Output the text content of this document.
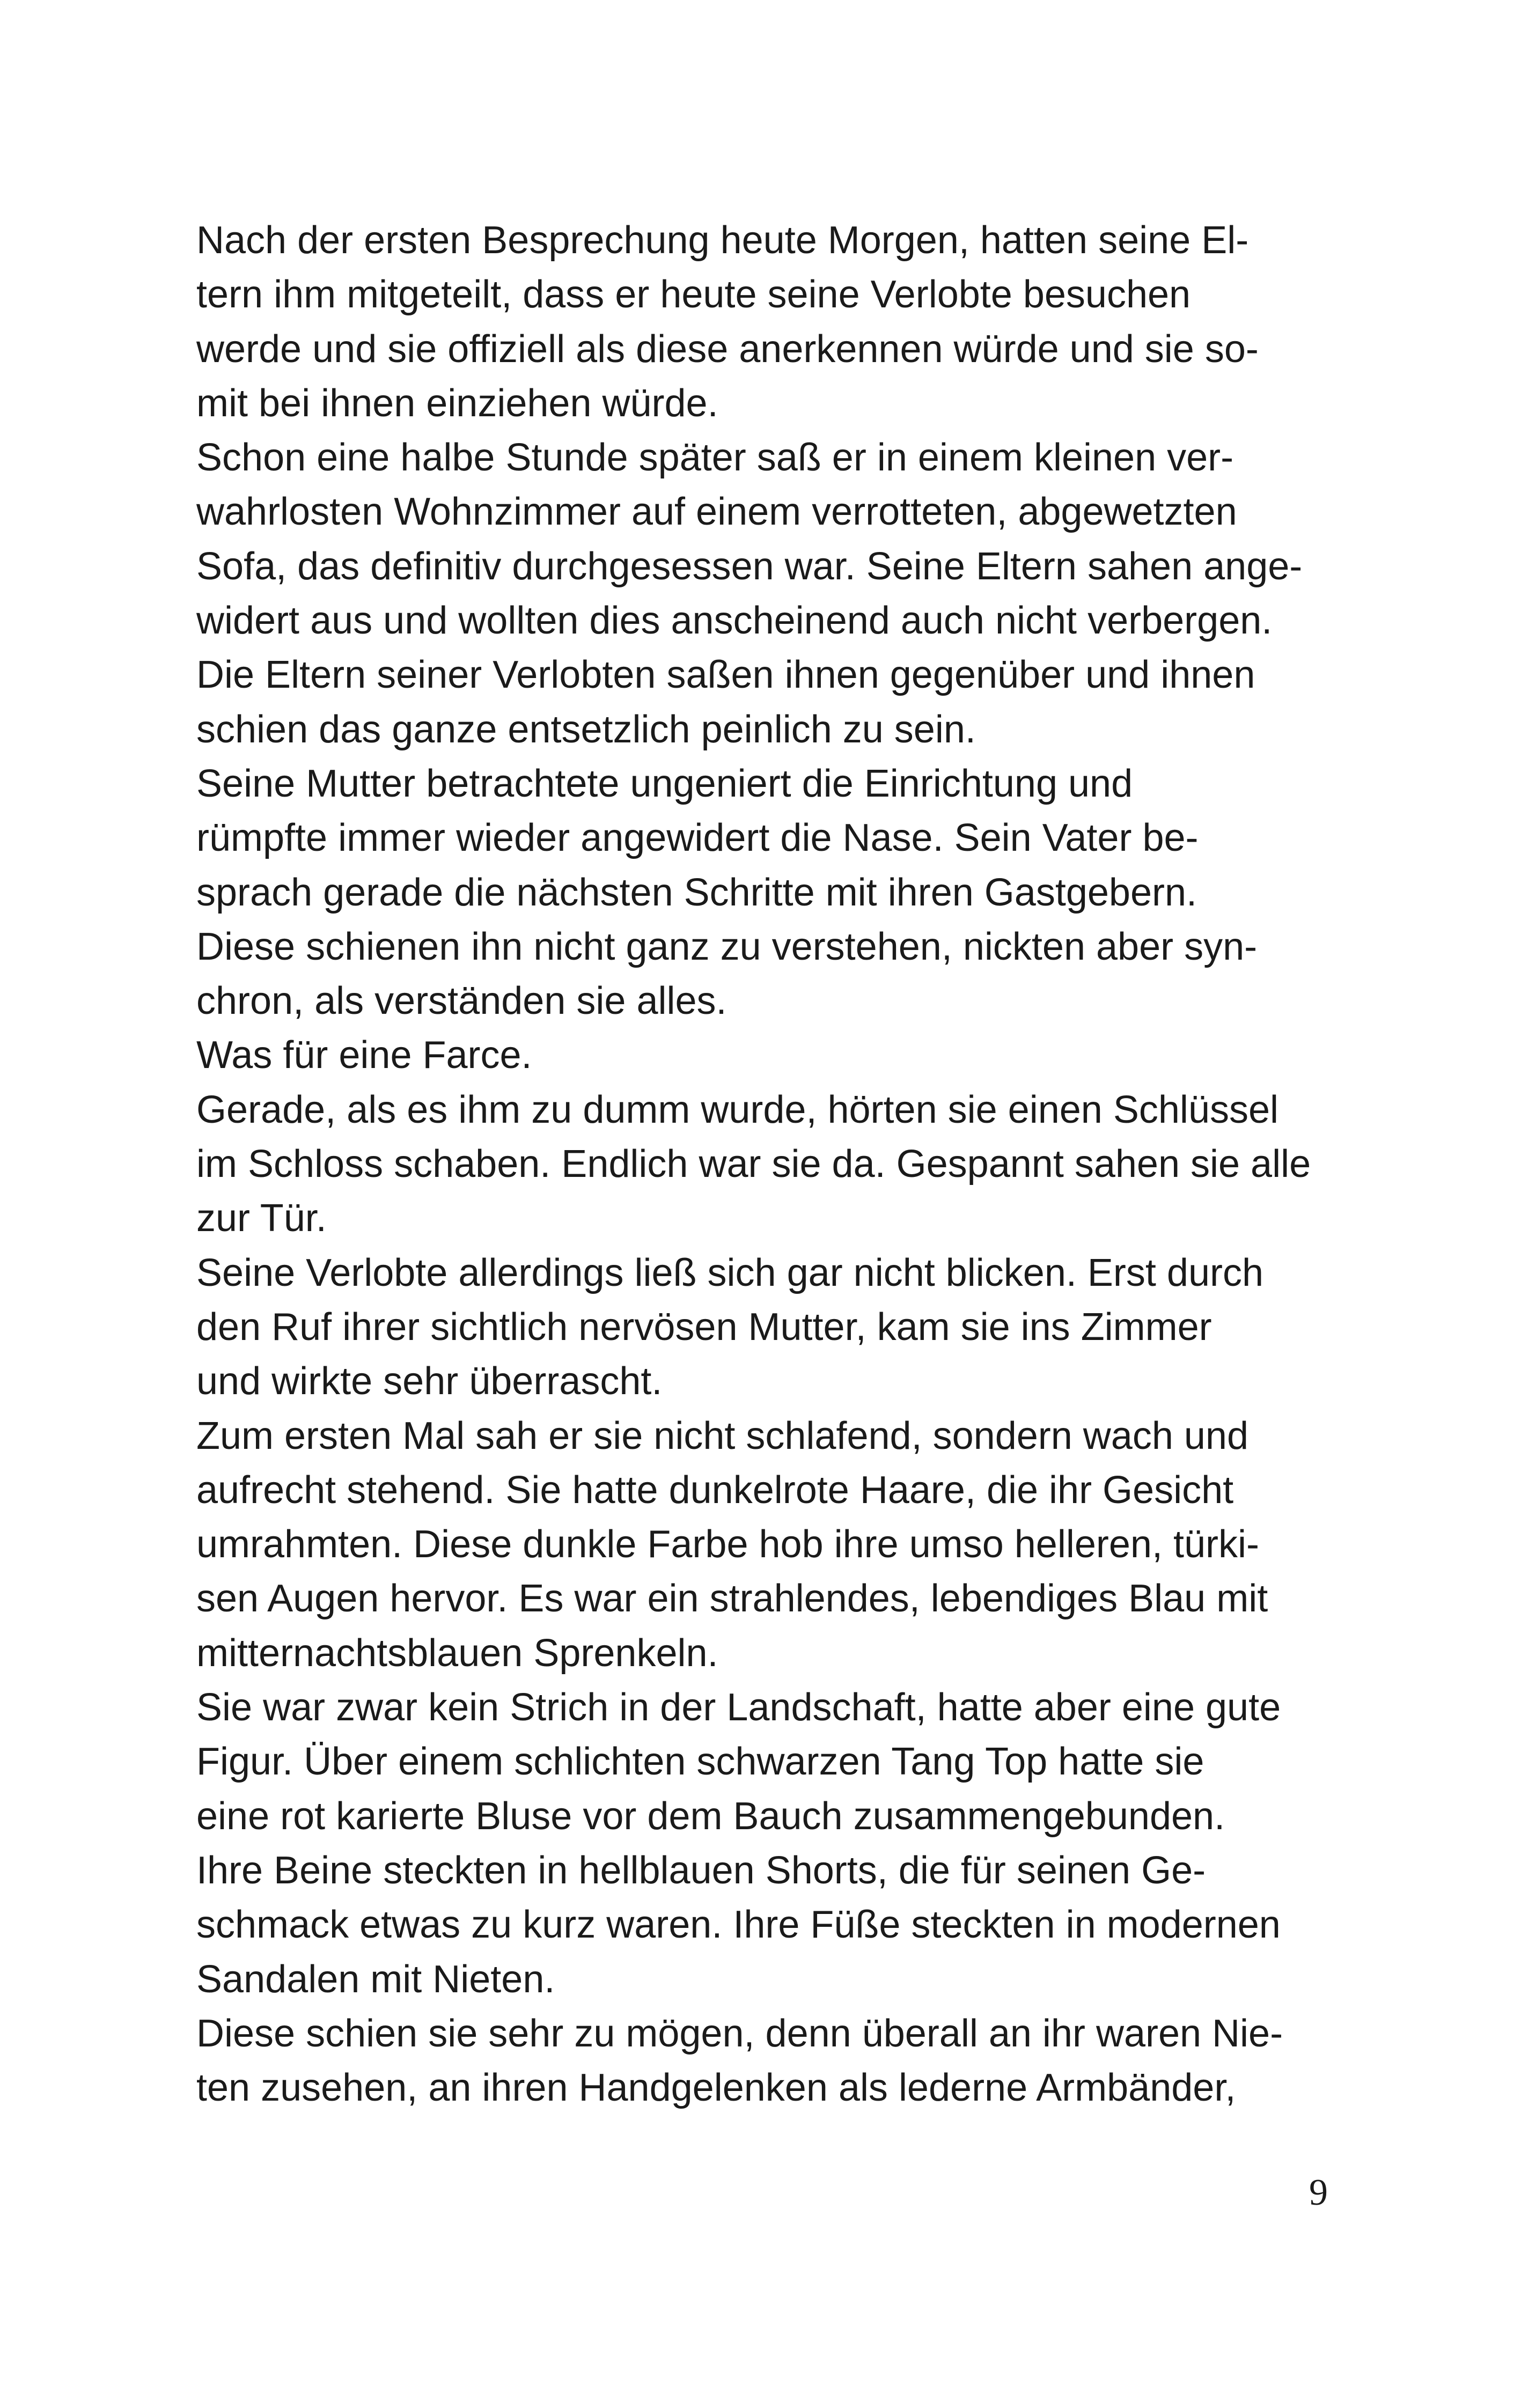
Nach der ersten Besprechung heute Morgen, hatten seine El-
tern ihm mitgeteilt, dass er heute seine Verlobte besuchen
werde und sie offiziell als diese anerkennen würde und sie so-
mit bei ihnen einziehen würde.
Schon eine halbe Stunde später saß er in einem kleinen ver-
wahrlosten Wohnzimmer auf einem verrotteten, abgewetzten
Sofa, das definitiv durchgesessen war. Seine Eltern sahen ange-
widert aus und wollten dies anscheinend auch nicht verbergen.
Die Eltern seiner Verlobten saßen ihnen gegenüber und ihnen
schien das ganze entsetzlich peinlich zu sein.
Seine Mutter betrachtete ungeniert die Einrichtung und
rümpfte immer wieder angewidert die Nase. Sein Vater be-
sprach gerade die nächsten Schritte mit ihren Gastgebern.
Diese schienen ihn nicht ganz zu verstehen, nickten aber syn-
chron, als verständen sie alles.
Was für eine Farce.
Gerade, als es ihm zu dumm wurde, hörten sie einen Schlüssel
im Schloss schaben. Endlich war sie da. Gespannt sahen sie alle
zur Tür.
Seine Verlobte allerdings ließ sich gar nicht blicken. Erst durch
den Ruf ihrer sichtlich nervösen Mutter, kam sie ins Zimmer
und wirkte sehr überrascht.
Zum ersten Mal sah er sie nicht schlafend, sondern wach und
aufrecht stehend. Sie hatte dunkelrote Haare, die ihr Gesicht
umrahmten. Diese dunkle Farbe hob ihre umso helleren, türki-
sen Augen hervor. Es war ein strahlendes, lebendiges Blau mit
mitternachtsblauen Sprenkeln.
Sie war zwar kein Strich in der Landschaft, hatte aber eine gute
Figur. Über einem schlichten schwarzen Tang Top hatte sie
eine rot karierte Bluse vor dem Bauch zusammengebunden.
Ihre Beine steckten in hellblauen Shorts, die für seinen Ge-
schmack etwas zu kurz waren. Ihre Füße steckten in modernen
Sandalen mit Nieten.
Diese schien sie sehr zu mögen, denn überall an ihr waren Nie-
ten zusehen, an ihren Handgelenken als lederne Armbänder,
9
